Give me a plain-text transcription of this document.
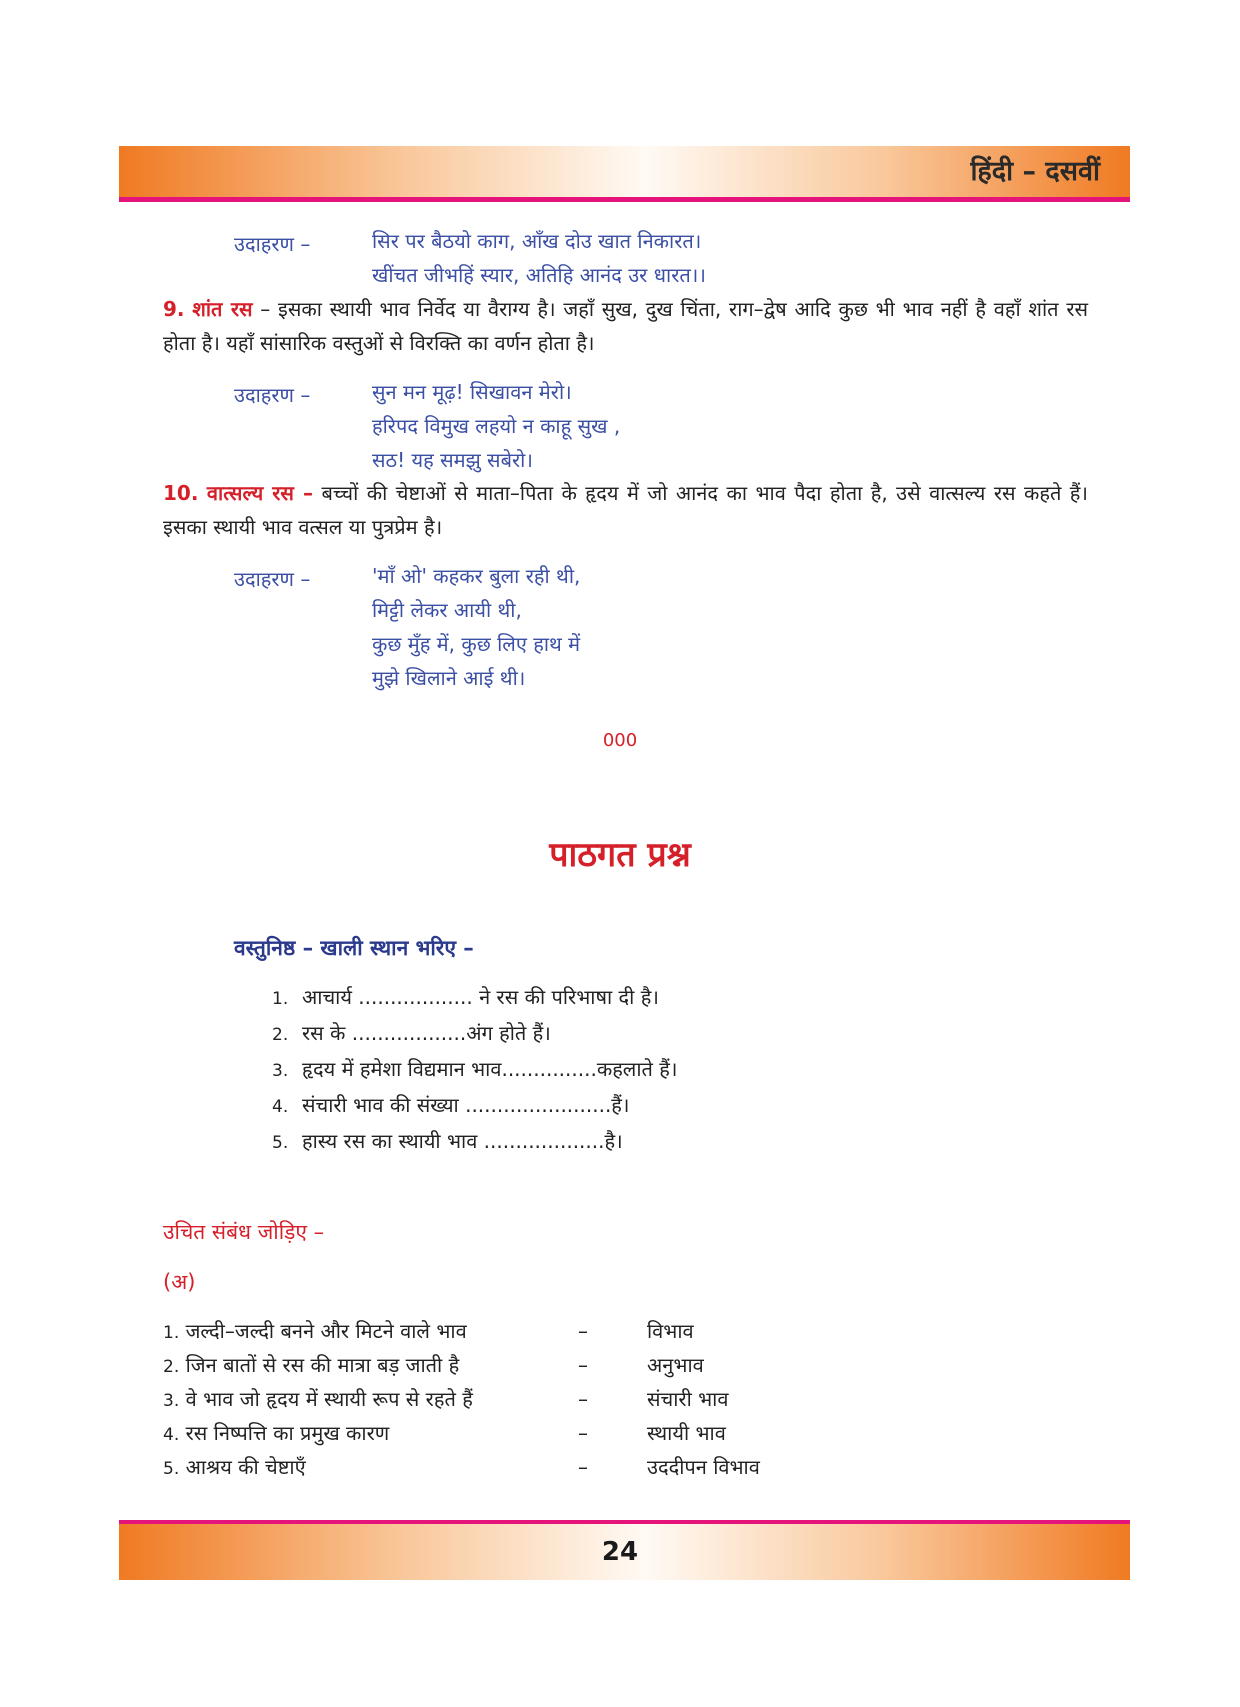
हिंदी – दसवीं
उदाहरण –	सिर पर बैठयो काग, आँख दोउ खात निकारत।
खींचत जीभहिं स्यार, अतिहि आनंद उर धारत।।
9. शांत रस – इसका स्थायी भाव निर्वेद या वैराग्य है। जहाँ सुख, दुख चिंता, राग–द्वेष आदि कुछ भी भाव नहीं है वहाँ शांत रस होता है। यहाँ सांसारिक वस्तुओं से विरक्ति का वर्णन होता है।
उदाहरण –	सुन मन मूढ़! सिखावन मेरो।
हरिपद विमुख लहयो न काहू सुख ,
सठ! यह समझु सबेरो।
10. वात्सल्य रस – बच्चों की चेष्टाओं से माता–पिता के हृदय में जो आनंद का भाव पैदा होता है, उसे वात्सल्य रस कहते हैं। इसका स्थायी भाव वत्सल या पुत्रप्रेम है।
उदाहरण –	'माँ ओ' कहकर बुला रही थी,
मिट्टी लेकर आयी थी,
कुछ मुँह में, कुछ लिए हाथ में
मुझे खिलाने आई थी।
000
पाठगत प्रश्न
वस्तुनिष्ठ – खाली स्थान भरिए –
1. आचार्य .................. ने रस की परिभाषा दी है।
2. रस के ..................अंग होते हैं।
3. हृदय में हमेशा विद्यमान भाव...............कहलाते हैं।
4. संचारी भाव की संख्या .......................हैं।
5. हास्य रस का स्थायी भाव ...................है।
उचित संबंध जोड़िए –
(अ)
1. जल्दी–जल्दी बनने और मिटने वाले भाव	–	विभाव
2. जिन बातों से रस की मात्रा बड़ जाती है	–	अनुभाव
3. वे भाव जो हृदय में स्थायी रूप से रहते हैं	–	संचारी भाव
4. रस निष्पत्ति का प्रमुख कारण	–	स्थायी भाव
5. आश्रय की चेष्टाएँ	–	उददीपन विभाव
24
